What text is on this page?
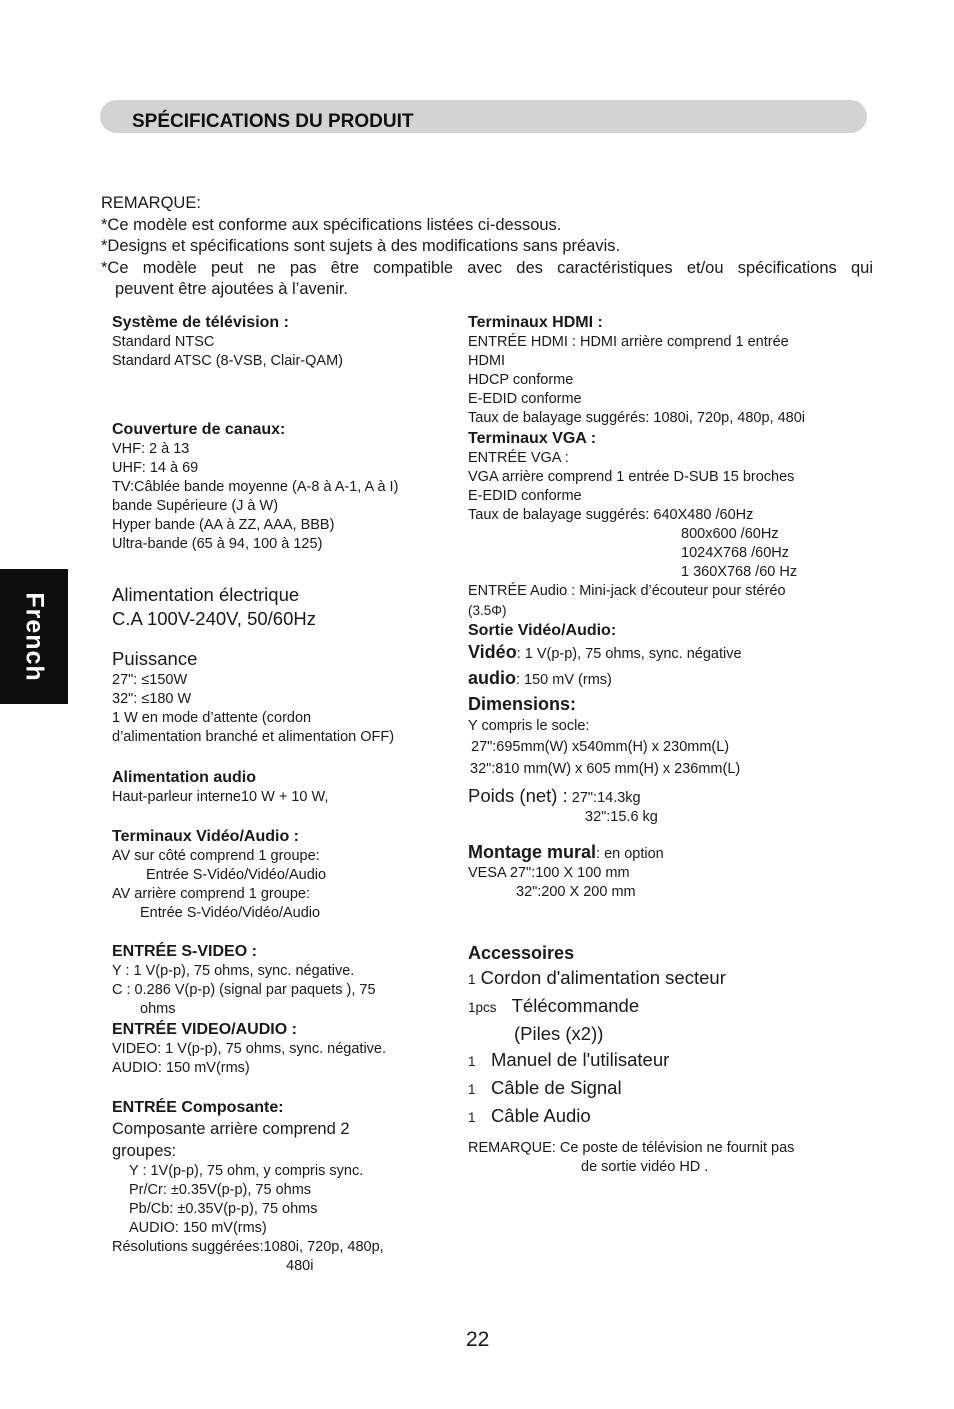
SPÉCIFICATIONS DU PRODUIT
French
REMARQUE:
*Ce modèle est conforme aux spécifications listées ci-dessous.
*Designs et spécifications sont sujets à des modifications sans préavis.
*Ce modèle peut ne pas être compatible avec des caractéristiques et/ou spécifications qui
peuvent être ajoutées à l’avenir.
Système de télévision :
Standard NTSC
Standard ATSC (8-VSB, Clair-QAM)
Couverture de canaux:
VHF: 2 à 13
UHF: 14 à 69
TV:Câblée bande moyenne (A-8 à A-1, A à I)
bande Supérieure (J à W)
Hyper bande (AA à ZZ, AAA, BBB)
Ultra-bande (65 à 94, 100 à 125)
Alimentation électrique
C.A 100V-240V, 50/60Hz
Puissance
27": ≤150W
32": ≤180 W
1 W en mode d’attente (cordon
d’alimentation branché et alimentation OFF)
Alimentation audio
Haut-parleur interne10 W + 10 W,
Terminaux Vidéo/Audio :
AV sur côté comprend 1 groupe:
Entrée S-Vidéo/Vidéo/Audio
AV arrière comprend 1 groupe:
Entrée S-Vidéo/Vidéo/Audio
ENTRÉE S-VIDEO :
Y : 1 V(p-p), 75 ohms, sync. négative.
C : 0.286 V(p-p) (signal par paquets ), 75
ohms
ENTRÉE VIDEO/AUDIO :
VIDEO: 1 V(p-p), 75 ohms, sync. négative.
AUDIO: 150 mV(rms)
ENTRÉE Composante:
Composante arrière comprend 2
groupes:
Y : 1V(p-p), 75 ohm, y compris sync.
Pr/Cr: ±0.35V(p-p), 75 ohms
Pb/Cb: ±0.35V(p-p), 75 ohms
AUDIO: 150 mV(rms)
Résolutions suggérées:1080i, 720p, 480p,
480i
Terminaux HDMI :
ENTRÉE HDMI : HDMI arrière comprend 1 entrée
HDMI
HDCP conforme
E-EDID conforme
Taux de balayage suggérés: 1080i, 720p, 480p, 480i
Terminaux VGA :
ENTRÉE VGA :
VGA arrière comprend 1 entrée D-SUB 15 broches
E-EDID conforme
Taux de balayage suggérés: 640X480 /60Hz
800x600 /60Hz
1024X768 /60Hz
1 360X768 /60 Hz
ENTRÉE Audio : Mini-jack d’écouteur pour stéréo
(3.5Φ)
Sortie Vidéo/Audio:
Vidéo: 1 V(p-p), 75 ohms, sync. négative
audio: 150 mV (rms)
Dimensions:
Y compris le socle:
27":695mm(W) x540mm(H) x 230mm(L)
32":810 mm(W) x 605 mm(H) x 236mm(L)
Poids (net) : 27":14.3kg
32":15.6 kg
Montage mural: en option
VESA 27":100 X 100 mm
32":200 X 200 mm
Accessoires
1 Cordon d'alimentation secteur
1pcs Télécommande
(Piles (x2))
1 Manuel de l'utilisateur
1 Câble de Signal
1 Câble Audio
REMARQUE: Ce poste de télévision ne fournit pas
de sortie vidéo HD .
22
